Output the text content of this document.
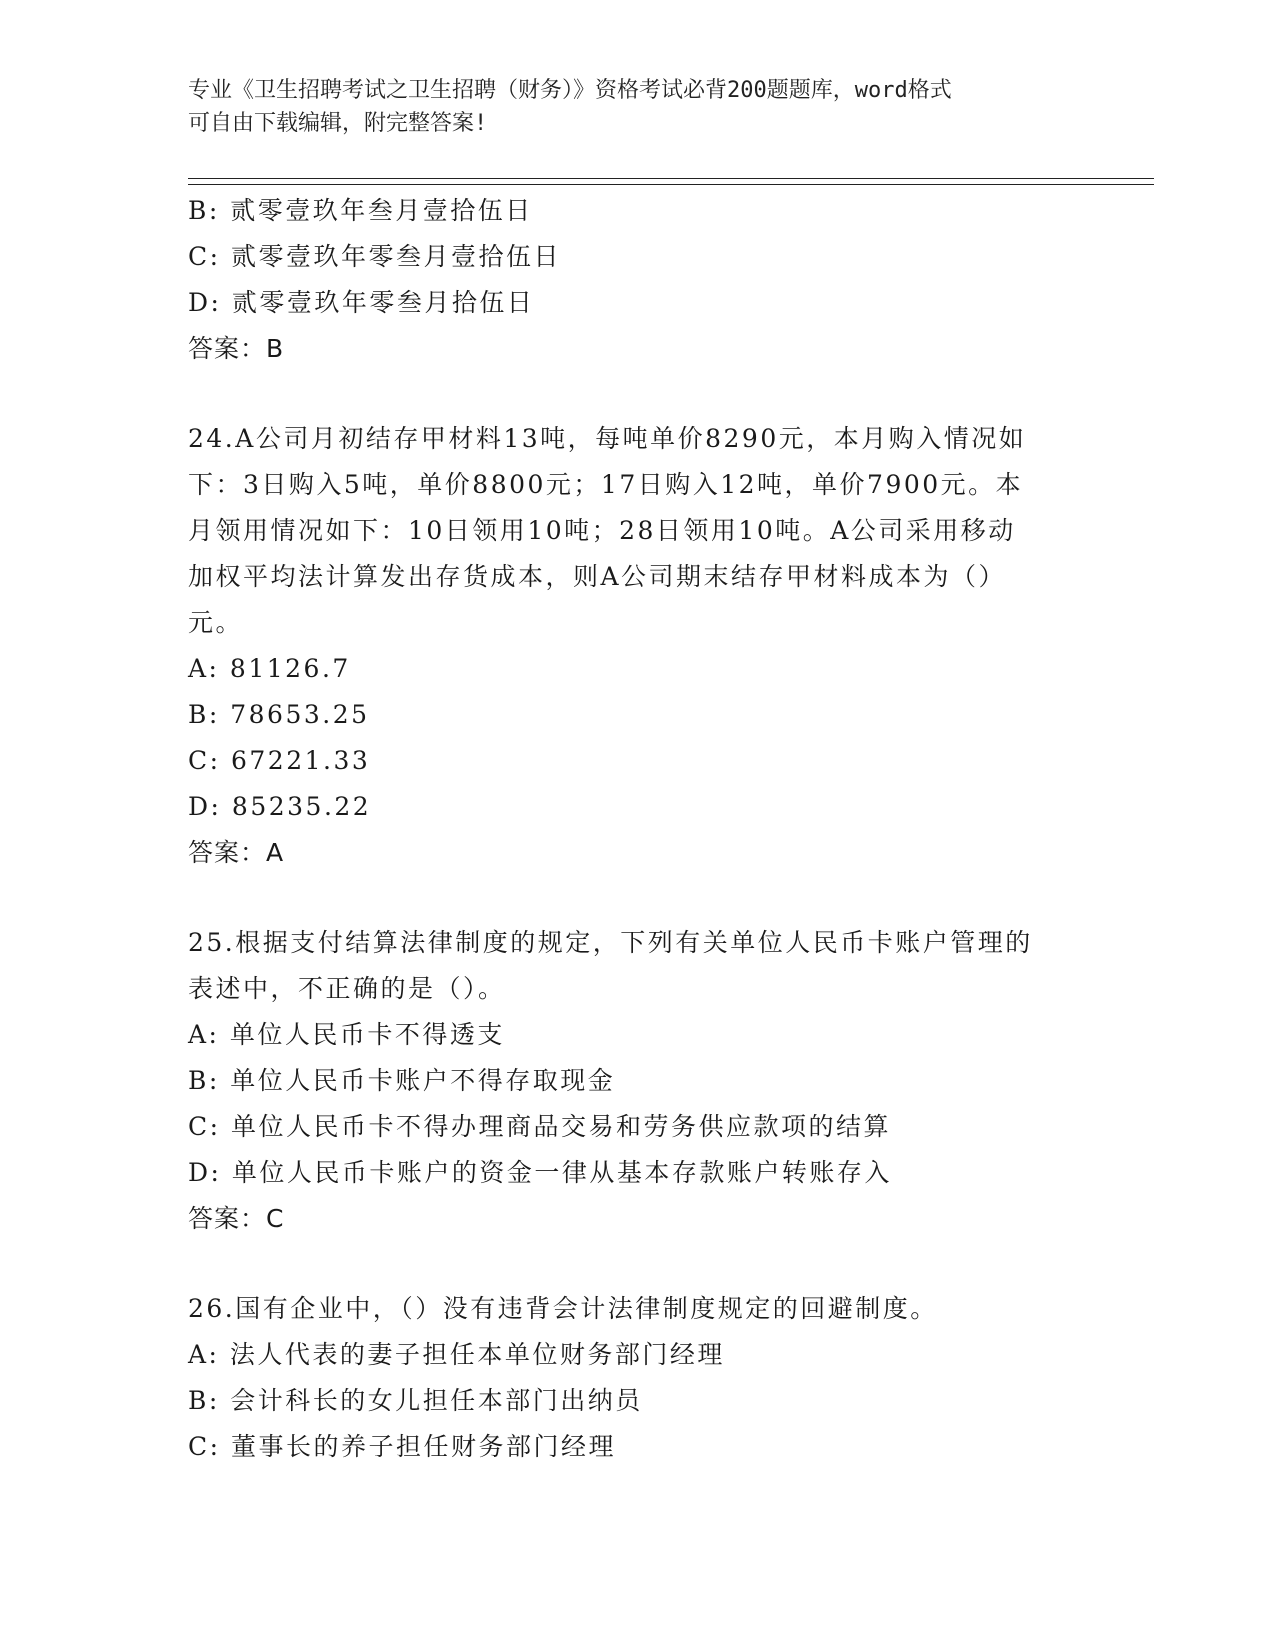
专业《卫生招聘考试之卫生招聘（财务）》资格考试必背200题题库，word格式
可自由下载编辑，附完整答案!
B: 贰零壹玖年叁月壹拾伍日
C: 贰零壹玖年零叁月壹拾伍日
D: 贰零壹玖年零叁月拾伍日
答案：B
24.A公司月初结存甲材料13吨，每吨单价8290元，本月购入情况如
下：3日购入5吨，单价8800元；17日购入12吨，单价7900元。本
月领用情况如下：10日领用10吨；28日领用10吨。A公司采用移动
加权平均法计算发出存货成本，则A公司期末结存甲材料成本为（）
元。
A: 81126.7
B: 78653.25
C: 67221.33
D: 85235.22
答案：A
25.根据支付结算法律制度的规定，下列有关单位人民币卡账户管理的
表述中，不正确的是（）。
A: 单位人民币卡不得透支
B: 单位人民币卡账户不得存取现金
C: 单位人民币卡不得办理商品交易和劳务供应款项的结算
D: 单位人民币卡账户的资金一律从基本存款账户转账存入
答案：C
26.国有企业中，（）没有违背会计法律制度规定的回避制度。
A: 法人代表的妻子担任本单位财务部门经理
B: 会计科长的女儿担任本部门出纳员
C: 董事长的养子担任财务部门经理
